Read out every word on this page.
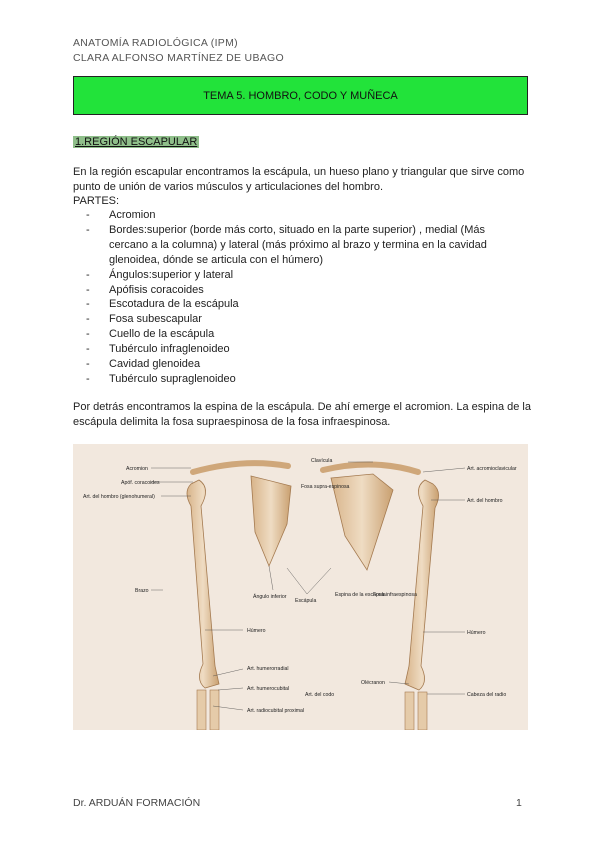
ANATOMÍA RADIOLÓGICA (IPM)
CLARA ALFONSO MARTÍNEZ DE UBAGO
TEMA 5. HOMBRO, CODO Y MUÑECA
1.REGIÓN ESCAPULAR
En la región escapular encontramos la escápula, un hueso plano y triangular que sirve como punto de unión de varios músculos y articulaciones del hombro.
PARTES:
- Acromion
- Bordes:superior (borde más corto, situado en la parte superior) , medial (Más cercano a la columna) y lateral (más próximo al brazo y termina en la cavidad glenoidea, dónde se articula con el húmero)
- Ángulos:superior y lateral
- Apófisis coracoides
- Escotadura de la escápula
- Fosa subescapular
- Cuello de la escápula
- Tubérculo infraglenoideo
- Cavidad glenoidea
- Tubérculo supraglenoideo
Por detrás encontramos la espina de la escápula. De ahí emerge el acromion. La espina de la escápula delimita la fosa supraespinosa de la fosa infraespinosa.
Acromion
Apóf. coracoides
Art. del hombro (glenohumeral)
Brazo
Húmero
Art. humerorradial
Art. humerocubital
Art. radiocubital proximal
Art. del codo
Clavícula
Fosa supra-espinosa
Ángulo inferior
Escápula
Espina de la escápula
Fosa infraespinosa
Art. acromioclavicular
Art. del hombro
Húmero
Olécranon
Cabeza del radio
Dr. ARDUÁN FORMACIÓN	1
